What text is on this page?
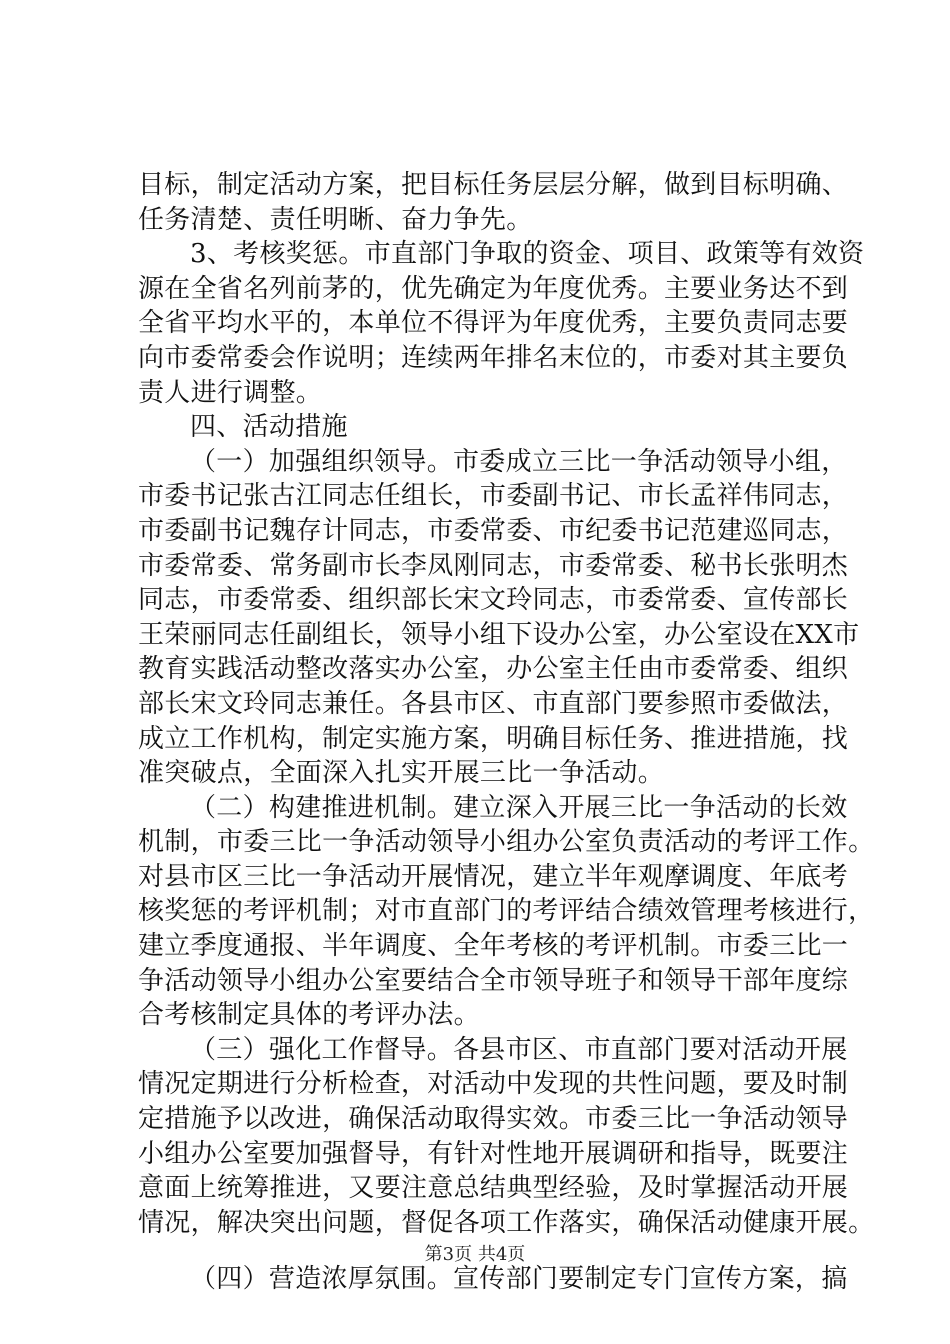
目标，制定活动方案，把目标任务层层分解，做到目标明确、
任务清楚、责任明晰、奋力争先。
3、考核奖惩。市直部门争取的资金、项目、政策等有效资
源在全省名列前茅的，优先确定为年度优秀。主要业务达不到
全省平均水平的，本单位不得评为年度优秀，主要负责同志要
向市委常委会作说明；连续两年排名末位的，市委对其主要负
责人进行调整。
四、活动措施
（一）加强组织领导。市委成立三比一争活动领导小组，
市委书记张古江同志任组长，市委副书记、市长孟祥伟同志，
市委副书记魏存计同志，市委常委、市纪委书记范建巡同志，
市委常委、常务副市长李凤刚同志，市委常委、秘书长张明杰
同志，市委常委、组织部长宋文玲同志，市委常委、宣传部长
王荣丽同志任副组长，领导小组下设办公室，办公室设在XX市
教育实践活动整改落实办公室，办公室主任由市委常委、组织
部长宋文玲同志兼任。各县市区、市直部门要参照市委做法，
成立工作机构，制定实施方案，明确目标任务、推进措施，找
准突破点，全面深入扎实开展三比一争活动。
（二）构建推进机制。建立深入开展三比一争活动的长效
机制，市委三比一争活动领导小组办公室负责活动的考评工作。
对县市区三比一争活动开展情况，建立半年观摩调度、年底考
核奖惩的考评机制；对市直部门的考评结合绩效管理考核进行，
建立季度通报、半年调度、全年考核的考评机制。市委三比一
争活动领导小组办公室要结合全市领导班子和领导干部年度综
合考核制定具体的考评办法。
（三）强化工作督导。各县市区、市直部门要对活动开展
情况定期进行分析检查，对活动中发现的共性问题，要及时制
定措施予以改进，确保活动取得实效。市委三比一争活动领导
小组办公室要加强督导，有针对性地开展调研和指导，既要注
意面上统筹推进，又要注意总结典型经验，及时掌握活动开展
情况，解决突出问题，督促各项工作落实，确保活动健康开展。
（四）营造浓厚氛围。宣传部门要制定专门宣传方案，搞
第3页 共4页
